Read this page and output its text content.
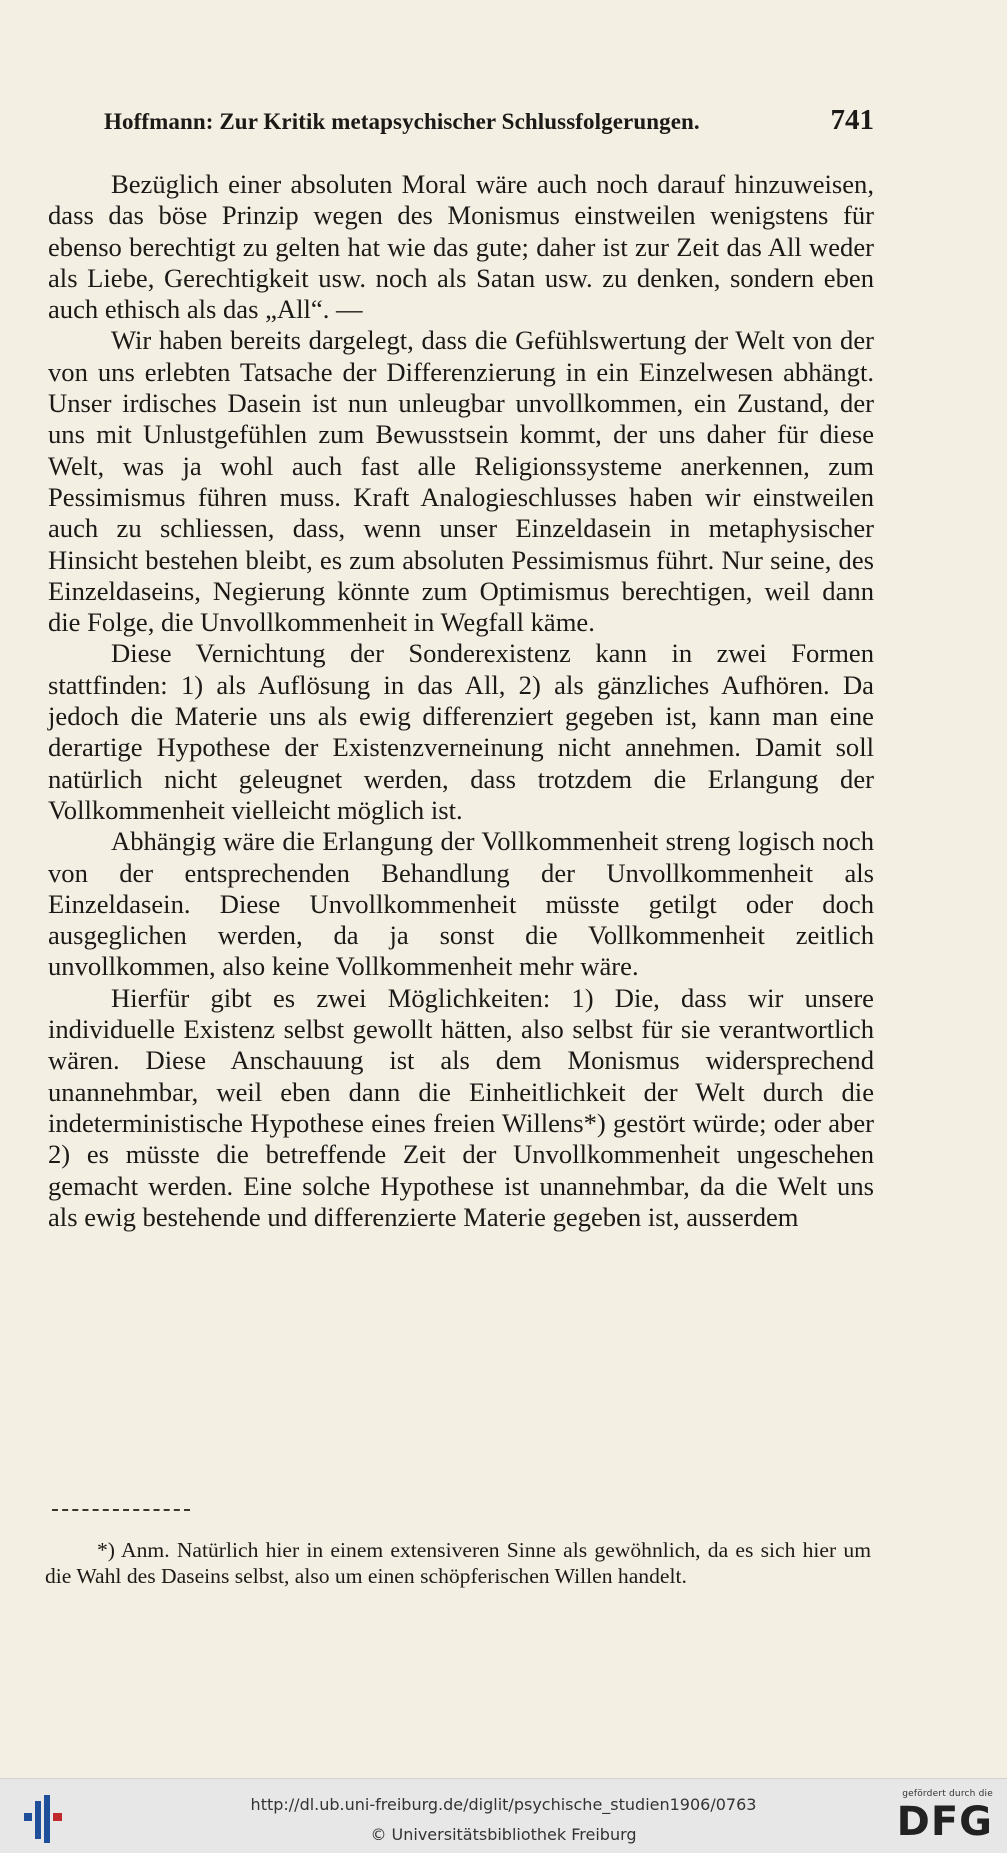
Hoffmann: Zur Kritik metapsychischer Schlussfolgerungen.	741

Bezüglich einer absoluten Moral wäre auch noch darauf hinzuweisen, dass das böse Prinzip wegen des Monismus einstweilen wenigstens für ebenso berechtigt zu gelten hat wie das gute; daher ist zur Zeit das All weder als Liebe, Gerechtigkeit usw. noch als Satan usw. zu denken, sondern eben auch ethisch als das „All“. —

Wir haben bereits dargelegt, dass die Gefühlswertung der Welt von der von uns erlebten Tatsache der Differenzierung in ein Einzelwesen abhängt. Unser irdisches Dasein ist nun unleugbar unvollkommen, ein Zustand, der uns mit Unlustgefühlen zum Bewusstsein kommt, der uns daher für diese Welt, was ja wohl auch fast alle Religionssysteme anerkennen, zum Pessimismus führen muss. Kraft Analogieschlusses haben wir einstweilen auch zu schliessen, dass, wenn unser Einzeldasein in metaphysischer Hinsicht bestehen bleibt, es zum absoluten Pessimismus führt. Nur seine, des Einzeldaseins, Negierung könnte zum Optimismus berechtigen, weil dann die Folge, die Unvollkommenheit in Wegfall käme.

Diese Vernichtung der Sonderexistenz kann in zwei Formen stattfinden: 1) als Auflösung in das All, 2) als gänzliches Aufhören. Da jedoch die Materie uns als ewig differenziert gegeben ist, kann man eine derartige Hypothese der Existenzverneinung nicht annehmen. Damit soll natürlich nicht geleugnet werden, dass trotzdem die Erlangung der Vollkommenheit vielleicht möglich ist.

Abhängig wäre die Erlangung der Vollkommenheit streng logisch noch von der entsprechenden Behandlung der Unvollkommenheit als Einzeldasein. Diese Unvollkommenheit müsste getilgt oder doch ausgeglichen werden, da ja sonst die Vollkommenheit zeitlich unvollkommen, also keine Vollkommenheit mehr wäre.

Hierfür gibt es zwei Möglichkeiten: 1) Die, dass wir unsere individuelle Existenz selbst gewollt hätten, also selbst für sie verantwortlich wären. Diese Anschauung ist als dem Monismus widersprechend unannehmbar, weil eben dann die Einheitlichkeit der Welt durch die indeterministische Hypothese eines freien Willens*) gestört würde; oder aber 2) es müsste die betreffende Zeit der Unvollkommenheit ungeschehen gemacht werden. Eine solche Hypothese ist unannehmbar, da die Welt uns als ewig bestehende und differenzierte Materie gegeben ist, ausserdem

*) Anm. Natürlich hier in einem extensiveren Sinne als gewöhnlich, da es sich hier um die Wahl des Daseins selbst, also um einen schöpferischen Willen handelt.

http://dl.ub.uni-freiburg.de/diglit/psychische_studien1906/0763
© Universitätsbibliothek Freiburg
gefördert durch die
DFG
